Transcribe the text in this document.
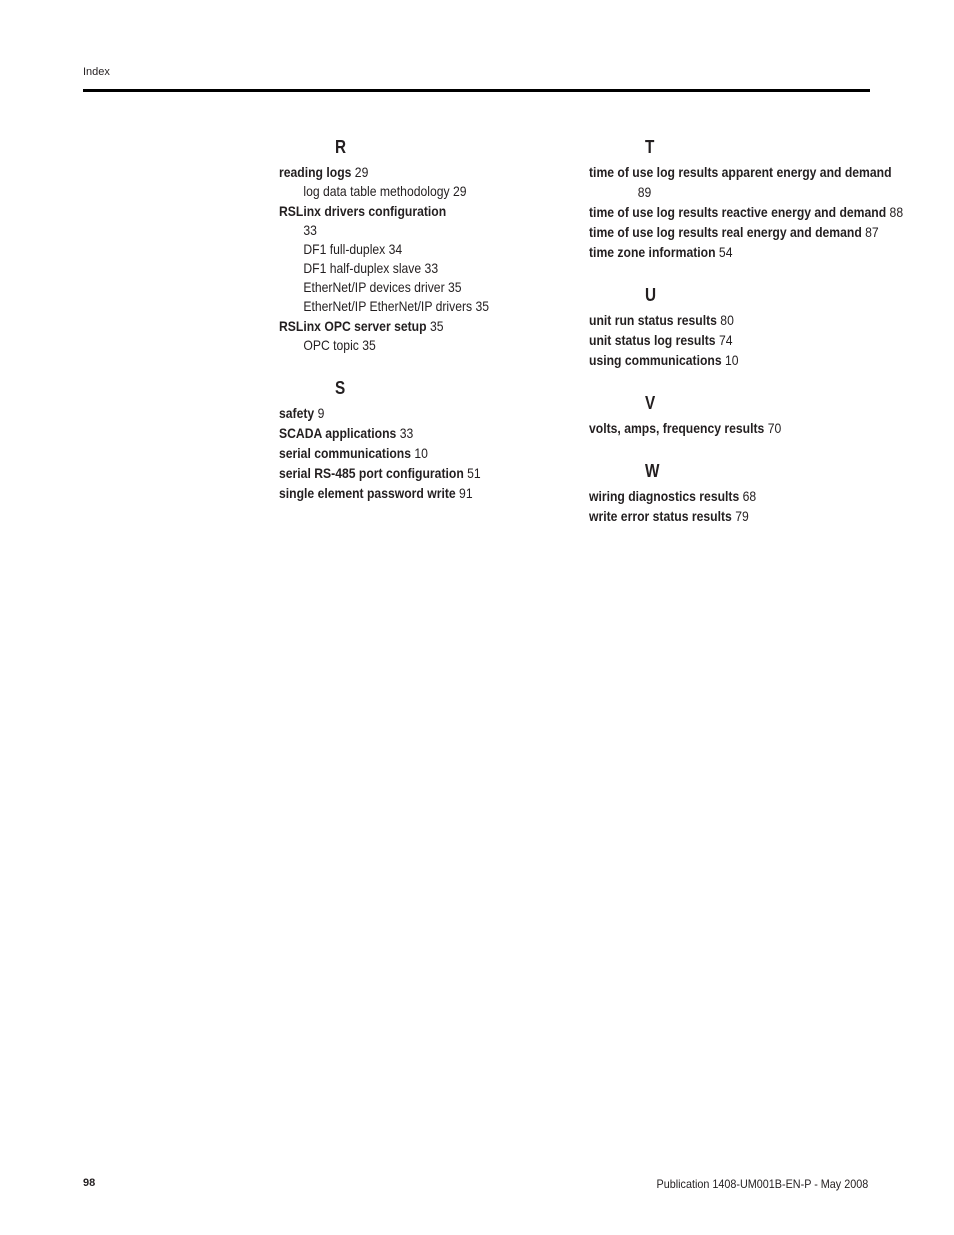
Index
R
reading logs 29
log data table methodology 29
RSLinx drivers configuration
33
DF1 full-duplex 34
DF1 half-duplex slave 33
EtherNet/IP devices driver 35
EtherNet/IP EtherNet/IP drivers 35
RSLinx OPC server setup 35
OPC topic 35
S
safety 9
SCADA applications 33
serial communications 10
serial RS-485 port configuration 51
single element password write 91
T
time of use log results apparent energy and demand 89
time of use log results reactive energy and demand 88
time of use log results real energy and demand 87
time zone information 54
U
unit run status results 80
unit status log results 74
using communications 10
V
volts, amps, frequency results 70
W
wiring diagnostics results 68
write error status results 79
98	Publication 1408-UM001B-EN-P - May 2008
